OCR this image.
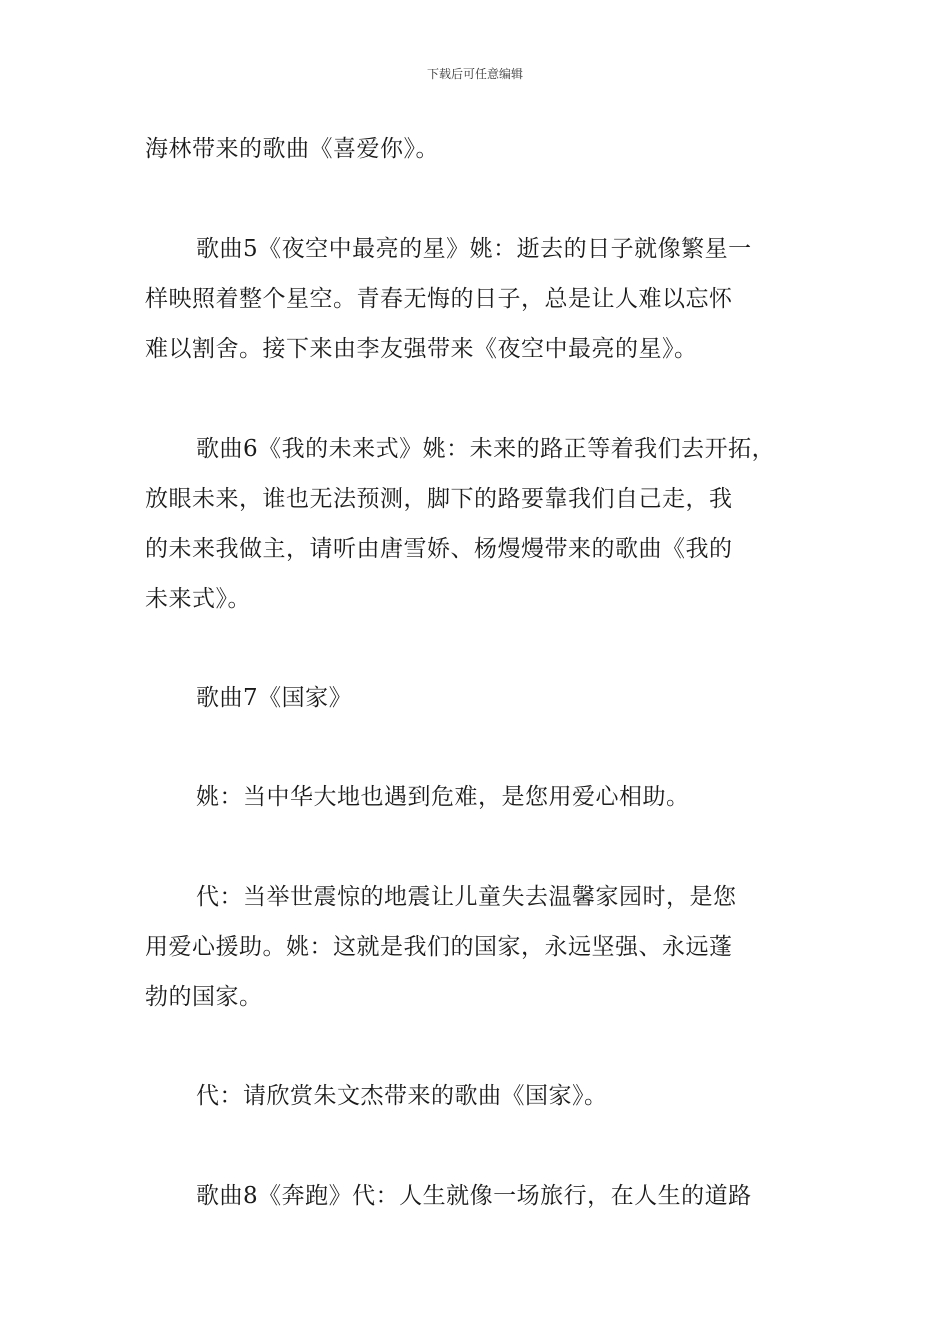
下载后可任意编辑
海林带来的歌曲《喜爱你》。
歌曲5《夜空中最亮的星》姚：逝去的日子就像繁星一
样映照着整个星空。青春无悔的日子，总是让人难以忘怀
难以割舍。接下来由李友强带来《夜空中最亮的星》。
歌曲6《我的未来式》姚：未来的路正等着我们去开拓，
放眼未来，谁也无法预测，脚下的路要靠我们自己走，我
的未来我做主，请听由唐雪娇、杨熳熳带来的歌曲《我的
未来式》。
歌曲7《国家》
姚：当中华大地也遇到危难，是您用爱心相助。
代：当举世震惊的地震让儿童失去温馨家园时，是您
用爱心援助。姚：这就是我们的国家，永远坚强、永远蓬
勃的国家。
代：请欣赏朱文杰带来的歌曲《国家》。
歌曲8《奔跑》代：人生就像一场旅行，在人生的道路
